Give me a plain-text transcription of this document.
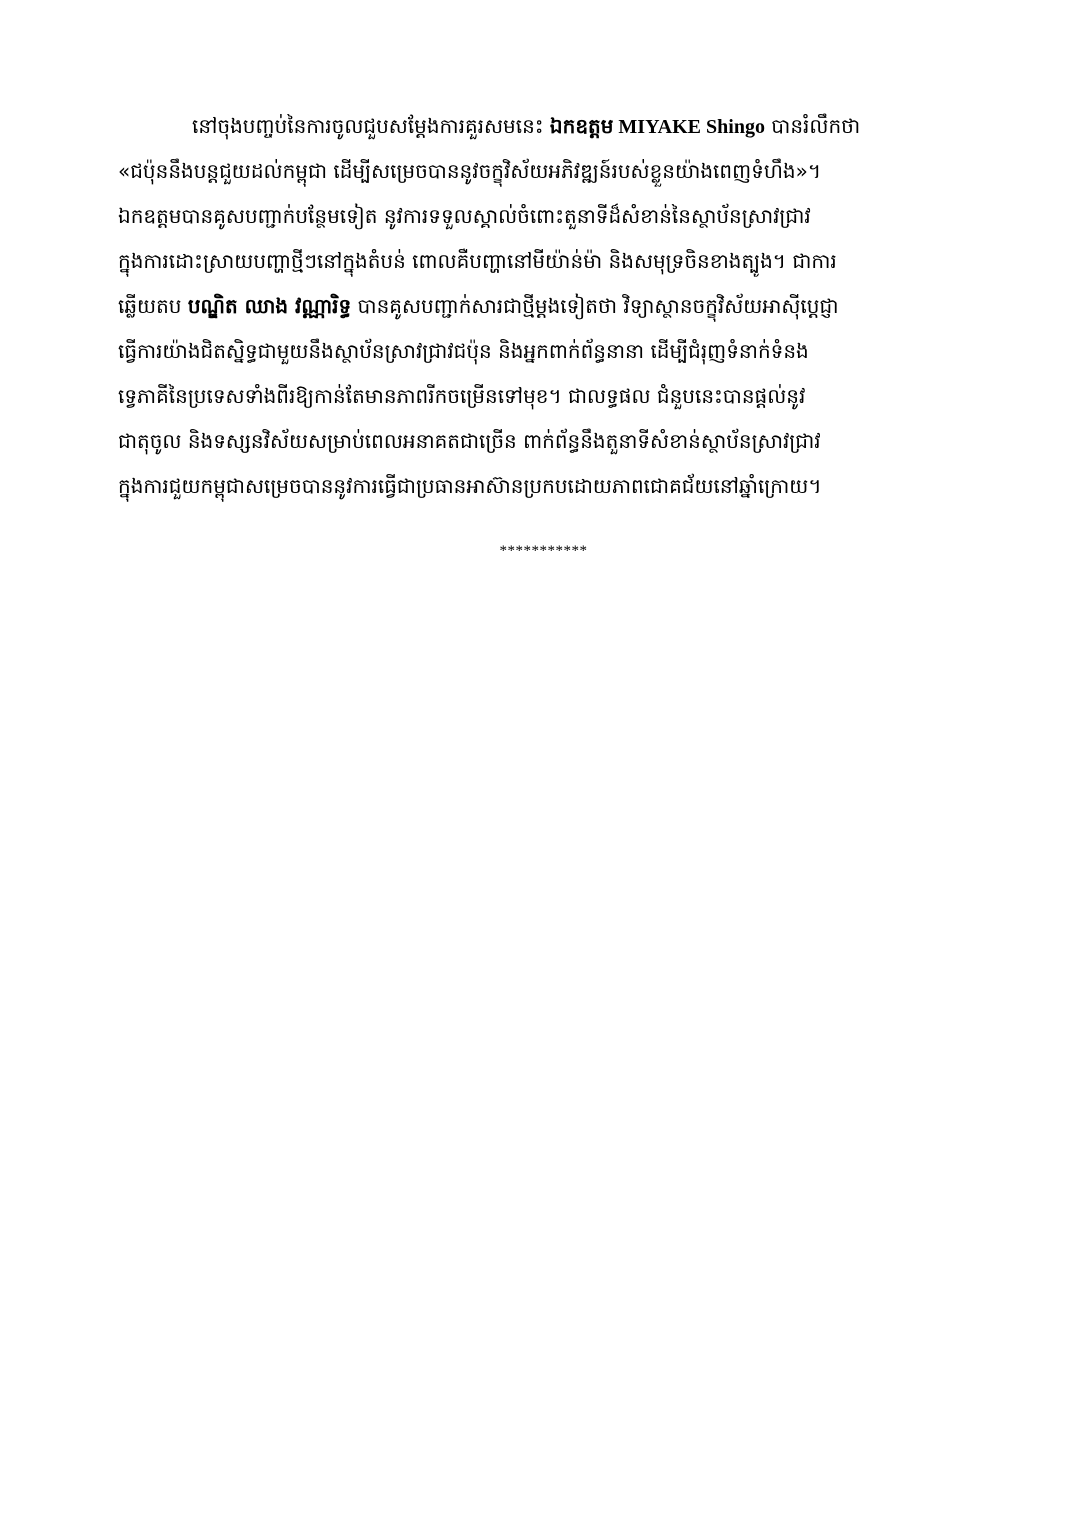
នៅចុងបញ្ចប់នៃការចូលជួបសម្តែងការគួរសមនេះ ឯកឧត្តម MIYAKE Shingo បានរំលឹកថា
«ជប៉ុននឹងបន្តជួយដល់កម្ពុជា ដើម្បីសម្រេចបាននូវចក្ខុវិស័យអភិវឌ្ឍន៍របស់ខ្លួនយ៉ាងពេញទំហឹង»។
ឯកឧត្តមបានគូសបញ្ជាក់បន្ថែមទៀត នូវការទទួលស្គាល់ចំពោះតួនាទីដ៏សំខាន់នៃស្ថាប័នស្រាវជ្រាវ
ក្នុងការដោះស្រាយបញ្ហាថ្មីៗនៅក្នុងតំបន់ ពោលគឺបញ្ហានៅមីយ៉ាន់ម៉ា និងសមុទ្រចិនខាងត្បូង។ ជាការ
ឆ្លើយតប បណ្ឌិត ឈាង វណ្ណារិទ្ធ បានគូសបញ្ជាក់សារជាថ្មីម្តងទៀតថា វិទ្យាស្ថានចក្ខុវិស័យអាស៊ីប្តេជ្ញា
ធ្វើការយ៉ាងជិតស្និទ្ធជាមួយនឹងស្ថាប័នស្រាវជ្រាវជប៉ុន និងអ្នកពាក់ព័ន្ធនានា ដើម្បីជំរុញទំនាក់ទំនង
ទ្វេភាគីនៃប្រទេសទាំងពីរឱ្យកាន់តែមានភាពរីកចម្រើនទៅមុខ។ ជាលទ្ធផល ជំនួបនេះបានផ្តល់នូវ
ជាតុចូល និងទស្សនវិស័យសម្រាប់ពេលអនាគតជាច្រើន ពាក់ព័ន្ធនឹងតួនាទីសំខាន់ស្ថាប័នស្រាវជ្រាវ
ក្នុងការជួយកម្ពុជាសម្រេចបាននូវការធ្វើជាប្រធានអាស៊ានប្រកបដោយភាពជោគជ័យនៅឆ្នាំក្រោយ។
***********
